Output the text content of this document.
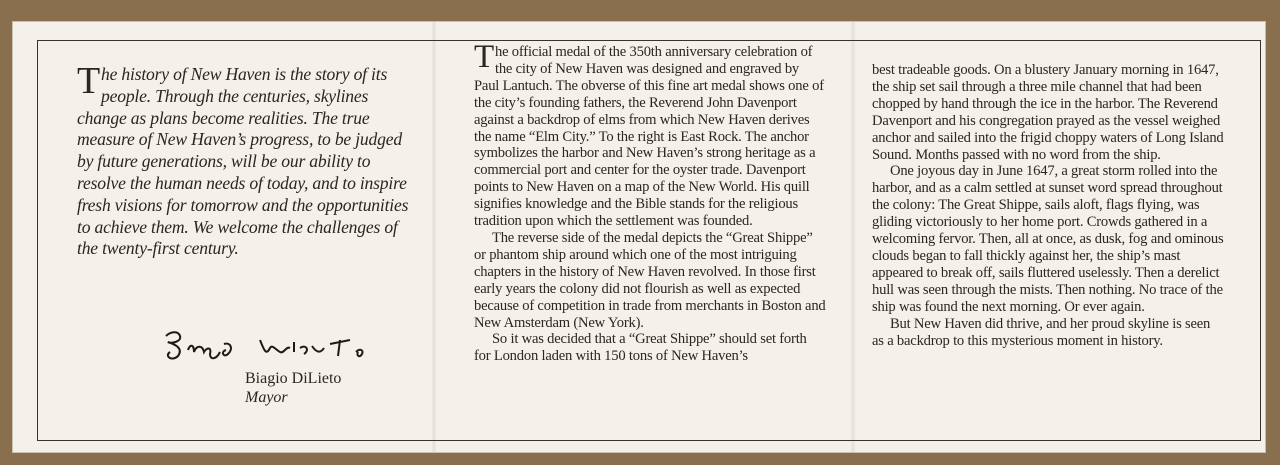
The history of New Haven is the story of its people. Through the centuries, skylines change as plans become realities. The true measure of New Haven’s progress, to be judged by future generations, will be our ability to resolve the human needs of today, and to inspire fresh visions for tomorrow and the opportunities to achieve them. We welcome the challenges of the twenty-first century.
Biagio DiLieto
Biagio DiLieto
Mayor

The official medal of the 350th anniversary celebration of the city of New Haven was designed and engraved by Paul Lantuch. The obverse of this fine art medal shows one of the city’s founding fathers, the Reverend John Davenport against a backdrop of elms from which New Haven derives the name “Elm City.” To the right is East Rock. The anchor symbolizes the harbor and New Haven’s strong heritage as a commercial port and center for the oyster trade. Davenport points to New Haven on a map of the New World. His quill signifies knowledge and the Bible stands for the religious tradition upon which the settlement was founded.

The reverse side of the medal depicts the “Great Shippe” or phantom ship around which one of the most intriguing chapters in the history of New Haven revolved. In those first early years the colony did not flourish as well as expected because of competition in trade from merchants in Boston and New Amsterdam (New York).

So it was decided that a “Great Shippe” should set forth for London laden with 150 tons of New Haven’s

best tradeable goods. On a blustery January morning in 1647, the ship set sail through a three mile channel that had been chopped by hand through the ice in the harbor. The Reverend Davenport and his congregation prayed as the vessel weighed anchor and sailed into the frigid choppy waters of Long Island Sound. Months passed with no word from the ship.

One joyous day in June 1647, a great storm rolled into the harbor, and as a calm settled at sunset word spread throughout the colony: The Great Shippe, sails aloft, flags flying, was gliding victoriously to her home port. Crowds gathered in a welcoming fervor. Then, all at once, as dusk, fog and ominous clouds began to fall thickly against her, the ship’s mast appeared to break off, sails fluttered uselessly. Then a derelict hull was seen through the mists. Then nothing. No trace of the ship was found the next morning. Or ever again.

But New Haven did thrive, and her proud skyline is seen as a backdrop to this mysterious moment in history.
